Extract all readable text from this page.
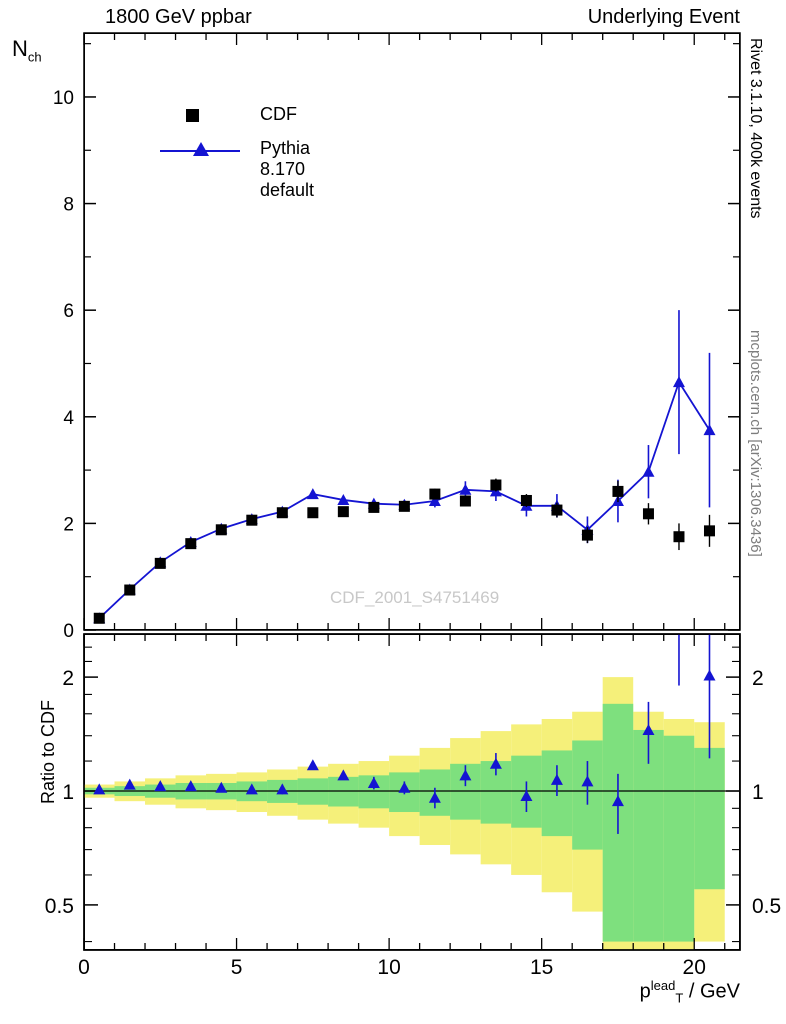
1800 GeV ppbar	Underlying Event
$N_{ch}$
Ratio to CDF
Rivet 3.1.10, 400k events
mcplots.cern.ch [arXiv:1306.3436]
CDF_2001_S4751469
CDF
Pythia 8.170 default
$p^{lead}_T$ / GeV
0
2
4
6
8
10
0.5	0.5
1	1
2	2
0	5	10	15	20
